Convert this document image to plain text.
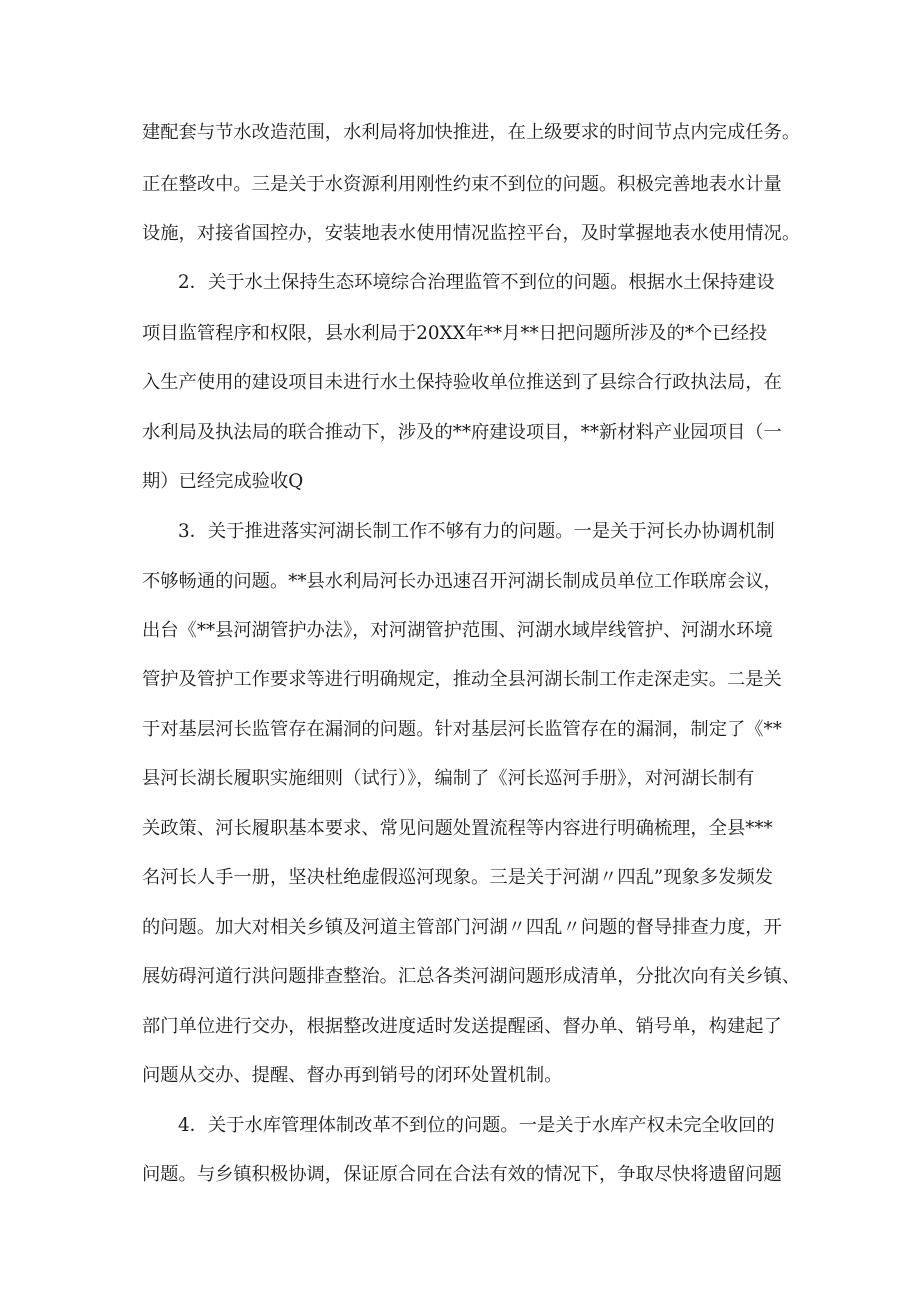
建配套与节水改造范围，水利局将加快推进，在上级要求的时间节点内完成任务。
正在整改中。三是关于水资源利用刚性约束不到位的问题。积极完善地表水计量
设施，对接省国控办，安装地表水使用情况监控平台，及时掌握地表水使用情况。
2．关于水土保持生态环境综合治理监管不到位的问题。根据水土保持建设
项目监管程序和权限，县水利局于20XX年**月**日把问题所涉及的*个已经投
入生产使用的建设项目未进行水土保持验收单位推送到了县综合行政执法局，在
水利局及执法局的联合推动下，涉及的**府建设项目，**新材料产业园项目（一
期）已经完成验收Q
3．关于推进落实河湖长制工作不够有力的问题。一是关于河长办协调机制
不够畅通的问题。**县水利局河长办迅速召开河湖长制成员单位工作联席会议，
出台《**县河湖管护办法》，对河湖管护范围、河湖水域岸线管护、河湖水环境
管护及管护工作要求等进行明确规定，推动全县河湖长制工作走深走实。二是关
于对基层河长监管存在漏洞的问题。针对基层河长监管存在的漏洞，制定了《**
县河长湖长履职实施细则（试行）》，编制了《河长巡河手册》，对河湖长制有
关政策、河长履职基本要求、常见问题处置流程等内容进行明确梳理，全县***
名河长人手一册，坚决杜绝虚假巡河现象。三是关于河湖〃四乱”现象多发频发
的问题。加大对相关乡镇及河道主管部门河湖〃四乱〃问题的督导排查力度，开
展妨碍河道行洪问题排查整治。汇总各类河湖问题形成清单，分批次向有关乡镇、
部门单位进行交办，根据整改进度适时发送提醒函、督办单、销号单，构建起了
问题从交办、提醒、督办再到销号的闭环处置机制。
4．关于水库管理体制改革不到位的问题。一是关于水库产权未完全收回的
问题。与乡镇积极协调，保证原合同在合法有效的情况下，争取尽快将遗留问题
